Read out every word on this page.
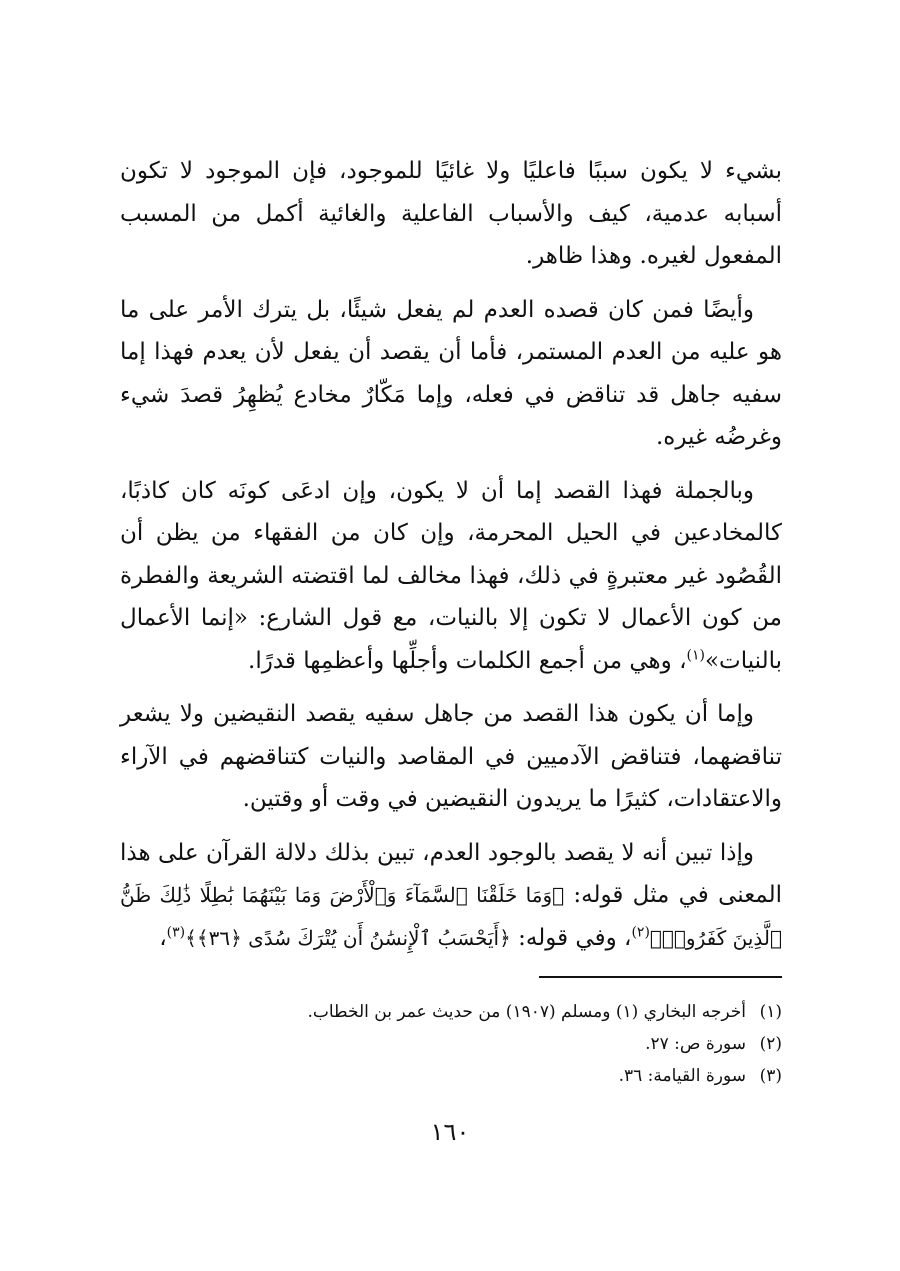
بشيء لا يكون سببًا فاعليًا ولا غائيًا للموجود، فإن الموجود لا تكون أسبابه عدمية، كيف والأسباب الفاعلية والغائية أكمل من المسبب المفعول لغيره. وهذا ظاهر.

وأيضًا فمن كان قصده العدم لم يفعل شيئًا، بل يترك الأمر على ما هو عليه من العدم المستمر، فأما أن يقصد أن يفعل لأن يعدم فهذا إما سفيه جاهل قد تناقض في فعله، وإما مَكّارٌ مخادع يُظهِرُ قصدَ شيء وغرضُه غيره.

وبالجملة فهذا القصد إما أن لا يكون، وإن ادعَى كونَه كان كاذبًا، كالمخادعين في الحيل المحرمة، وإن كان من الفقهاء من يظن أن القُصُود غير معتبرةٍ في ذلك، فهذا مخالف لما اقتضته الشريعة والفطرة من كون الأعمال لا تكون إلا بالنيات، مع قول الشارع: «إنما الأعمال بالنيات»$^{(١)}$، وهي من أجمع الكلمات وأجلِّها وأعظمِها قدرًا.

وإما أن يكون هذا القصد من جاهل سفيه يقصد النقيضين ولا يشعر تناقضهما، فتناقض الآدميين في المقاصد والنيات كتناقضهم في الآراء والاعتقادات، كثيرًا ما يريدون النقيضين في وقت أو وقتين.

وإذا تبين أنه لا يقصد بالوجود العدم، تبين بذلك دلالة القرآن على هذا المعنى في مثل قوله: ﴿وَمَا خَلَقْنَا ٱلسَّمَآءَ وَٱلْأَرْضَ وَمَا بَيْنَهُمَا بَٰطِلًا ذَٰلِكَ ظَنُّ ٱلَّذِينَ كَفَرُوا۟﴾$^{(٢)}$، وفي قوله: ﴿أَيَحْسَبُ ٱلْإِنسَٰنُ أَن يُتْرَكَ سُدًى ﴿٣٦﴾﴾$^{(٣)}$،

(١)أخرجه البخاري (١) ومسلم (١٩٠٧) من حديث عمر بن الخطاب.
(٢)سورة ص: ٢٧.
(٣)سورة القيامة: ٣٦.
١٦٠
